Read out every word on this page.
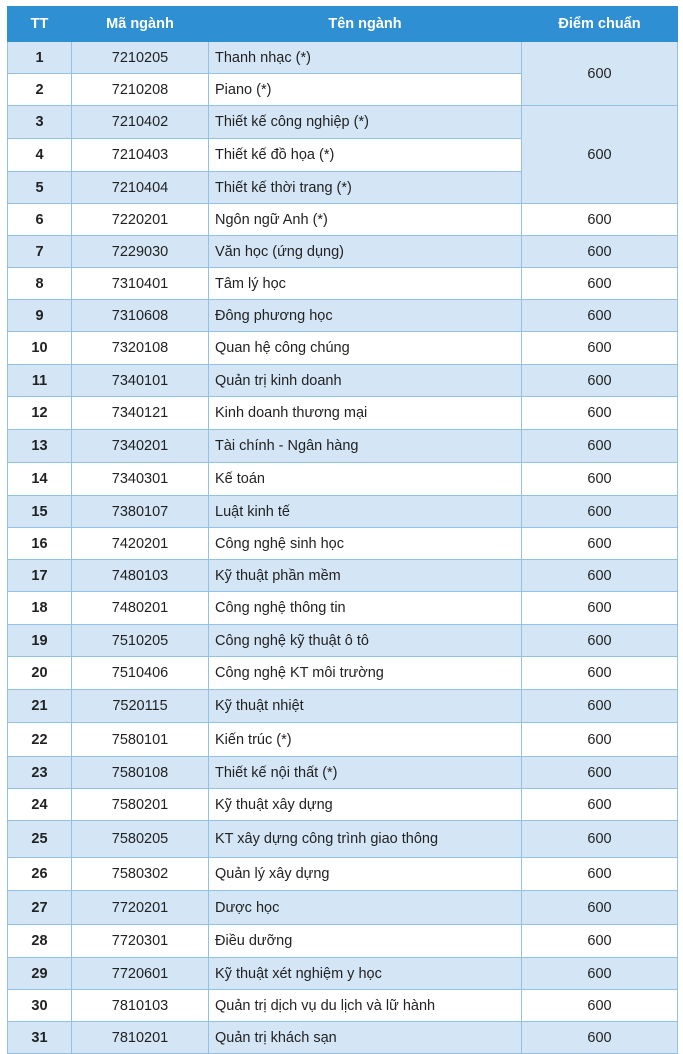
TT	Mã ngành	Tên ngành	Điểm chuẩn
1	7210205	Thanh nhạc (*)	600
2	7210208	Piano (*)	
3	7210402	Thiết kế công nghiệp (*)	600
4	7210403	Thiết kế đồ họa (*)	
5	7210404	Thiết kế thời trang (*)	
6	7220201	Ngôn ngữ Anh (*)	600
7	7229030	Văn học (ứng dụng)	600
8	7310401	Tâm lý học	600
9	7310608	Đông phương học	600
10	7320108	Quan hệ công chúng	600
11	7340101	Quản trị kinh doanh	600
12	7340121	Kinh doanh thương mại	600
13	7340201	Tài chính - Ngân hàng	600
14	7340301	Kế toán	600
15	7380107	Luật kinh tế	600
16	7420201	Công nghệ sinh học	600
17	7480103	Kỹ thuật phần mềm	600
18	7480201	Công nghệ thông tin	600
19	7510205	Công nghệ kỹ thuật ô tô	600
20	7510406	Công nghệ KT môi trường	600
21	7520115	Kỹ thuật nhiệt	600
22	7580101	Kiến trúc (*)	600
23	7580108	Thiết kế nội thất (*)	600
24	7580201	Kỹ thuật xây dựng	600
25	7580205	KT xây dựng công trình giao thông	600
26	7580302	Quản lý xây dựng	600
27	7720201	Dược học	600
28	7720301	Điều dưỡng	600
29	7720601	Kỹ thuật xét nghiệm y học	600
30	7810103	Quản trị dịch vụ du lịch và lữ hành	600
31	7810201	Quản trị khách sạn	600
